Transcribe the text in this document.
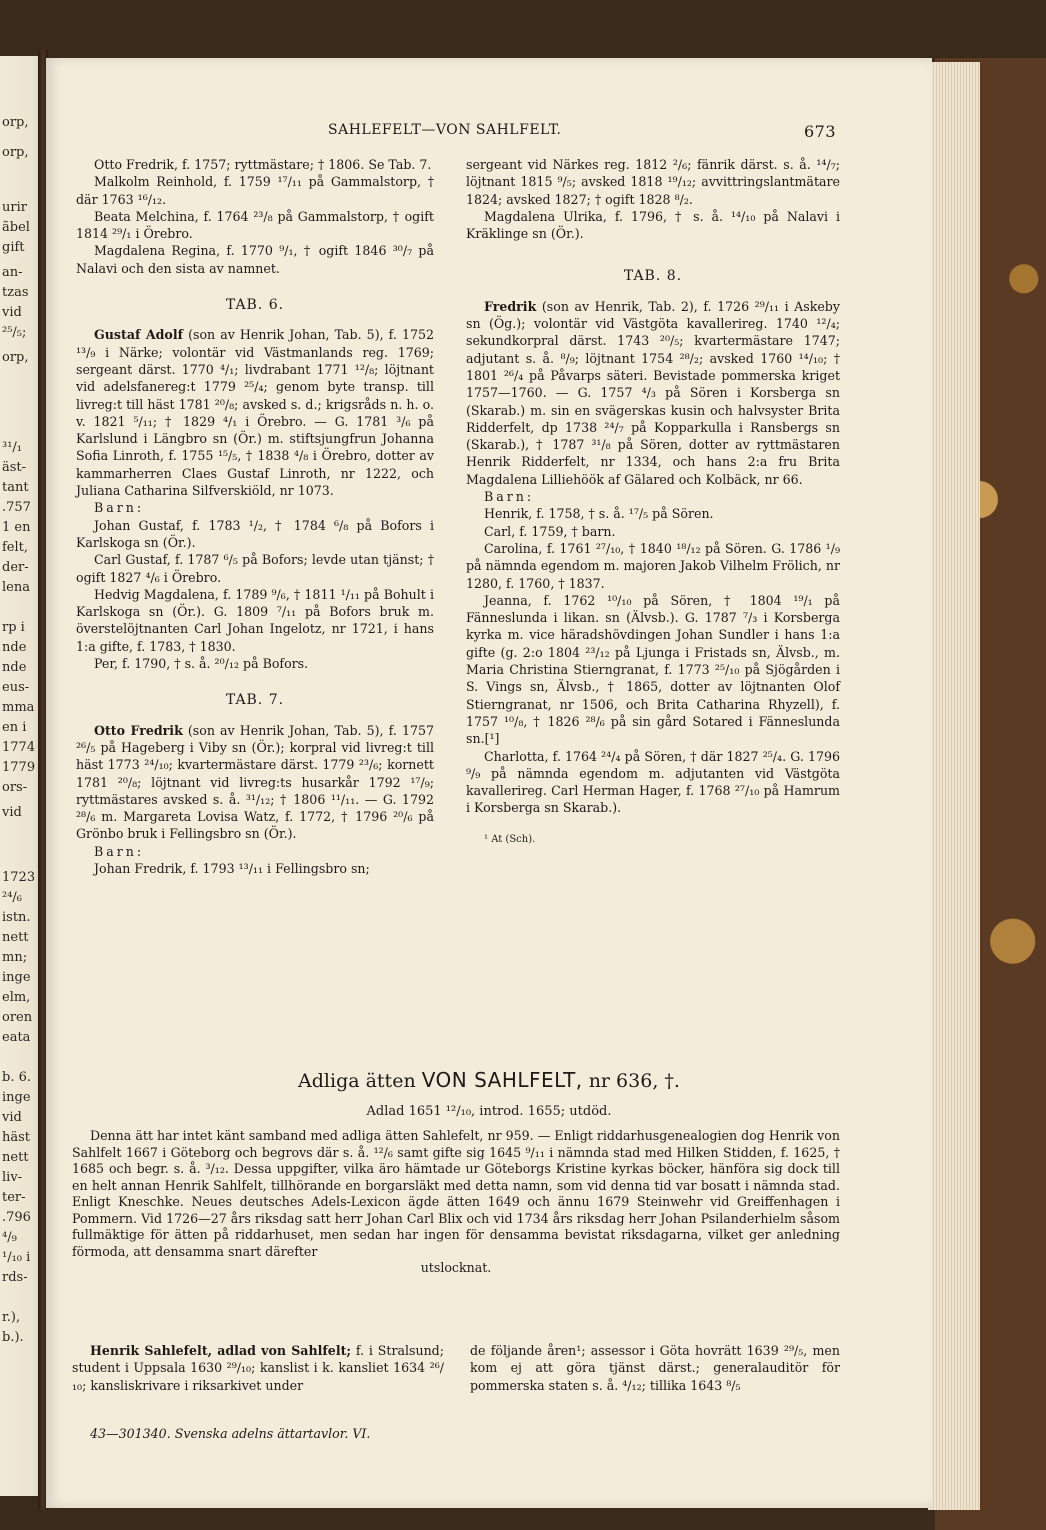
orp,
orp,
urir
ãbel
gift
an-
tzas
vid
²⁵/₅;
orp,
³¹/₁
äst-
tant
.757
1 en
felt,
der-
lena
rp i
nde
nde
eus-
mma
en i
1774
1779
ors-
vid
1723
²⁴/₆
istn.
nett
mn;
inge
elm,
oren
eata
b. 6.
inge
vid
häst
nett
liv-
ter-
.796
⁴/₉
¹/₁₀ i
rds-
r.),
b.).
SAHLEFELT—VON SAHLFELT.	673

Otto Fredrik, f. 1757; ryttmästare; † 1806. Se Tab. 7.

Malkolm Reinhold, f. 1759 ¹⁷/₁₁ på Gammalstorp, † där 1763 ¹⁶/₁₂.

Beata Melchina, f. 1764 ²³/₈ på Gammalstorp, † ogift 1814 ²⁹/₁ i Örebro.

Magdalena Regina, f. 1770 ⁹/₁, † ogift 1846 ³⁰/₇ på Nalavi och den sista av namnet.

TAB. 6.

Gustaf Adolf (son av Henrik Johan, Tab. 5), f. 1752 ¹³/₉ i Närke; volontär vid Västmanlands reg. 1769; sergeant därst. 1770 ⁴/₁; livdrabant 1771 ¹²/₈; löjtnant vid adelsfanereg:t 1779 ²⁵/₄; genom byte transp. till livreg:t till häst 1781 ²⁰/₈; avsked s. d.; krigsråds n. h. o. v. 1821 ⁵/₁₁; † 1829 ⁴/₁ i Örebro. — G. 1781 ³/₆ på Karlslund i Längbro sn (Ör.) m. stiftsjungfrun Johanna Sofia Linroth, f. 1755 ¹⁵/₅, † 1838 ⁴/₈ i Örebro, dotter av kammarherren Claes Gustaf Linroth, nr 1222, och Juliana Catharina Silfverskiöld, nr 1073.

Barn:

Johan Gustaf, f. 1783 ¹/₂, † 1784 ⁶/₈ på Bofors i Karlskoga sn (Ör.).

Carl Gustaf, f. 1787 ⁶/₅ på Bofors; levde utan tjänst; † ogift 1827 ⁴/₆ i Örebro.

Hedvig Magdalena, f. 1789 ⁹/₆, † 1811 ¹/₁₁ på Bohult i Karlskoga sn (Ör.). G. 1809 ⁷/₁₁ på Bofors bruk m. överstelöjtnanten Carl Johan Ingelotz, nr 1721, i hans 1:a gifte, f. 1783, † 1830.

Per, f. 1790, † s. å. ²⁰/₁₂ på Bofors.

TAB. 7.

Otto Fredrik (son av Henrik Johan, Tab. 5), f. 1757 ²⁶/₅ på Hageberg i Viby sn (Ör.); korpral vid livreg:t till häst 1773 ²⁴/₁₀; kvartermästare därst. 1779 ²³/₆; kornett 1781 ²⁰/₈; löjtnant vid livreg:ts husarkår 1792 ¹⁷/₉; ryttmästares avsked s. å. ³¹/₁₂; † 1806 ¹¹/₁₁. — G. 1792 ²⁸/₆ m. Margareta Lovisa Watz, f. 1772, † 1796 ²⁰/₆ på Grönbo bruk i Fellingsbro sn (Ör.).

Barn:

Johan Fredrik, f. 1793 ¹³/₁₁ i Fellingsbro sn;

sergeant vid Närkes reg. 1812 ²/₆; fänrik därst. s. å. ¹⁴/₇; löjtnant 1815 ⁹/₅; avsked 1818 ¹⁹/₁₂; avvittringslantmätare 1824; avsked 1827; † ogift 1828 ⁸/₂.

Magdalena Ulrika, f. 1796, † s. å. ¹⁴/₁₀ på Nalavi i Kräklinge sn (Ör.).

TAB. 8.

Fredrik (son av Henrik, Tab. 2), f. 1726 ²⁹/₁₁ i Askeby sn (Ög.); volontär vid Västgöta kavallerireg. 1740 ¹²/₄; sekundkorpral därst. 1743 ²⁰/₅; kvartermästare 1747; adjutant s. å. ⁸/₉; löjtnant 1754 ²⁸/₂; avsked 1760 ¹⁴/₁₀; † 1801 ²⁶/₄ på Påvarps säteri. Bevistade pommerska kriget 1757—1760. — G. 1757 ⁴/₃ på Sören i Korsberga sn (Skarab.) m. sin en svägerskas kusin och halvsyster Brita Ridderfelt, dp 1738 ²⁴/₇ på Kopparkulla i Ransbergs sn (Skarab.), † 1787 ³¹/₈ på Sören, dotter av ryttmästaren Henrik Ridderfelt, nr 1334, och hans 2:a fru Brita Magdalena Lilliehöök af Gälared och Kolbäck, nr 66.

Barn:

Henrik, f. 1758, † s. å. ¹⁷/₅ på Sören.

Carl, f. 1759, † barn.

Carolina, f. 1761 ²⁷/₁₀, † 1840 ¹⁸/₁₂ på Sören. G. 1786 ¹/₉ på nämnda egendom m. majoren Jakob Vilhelm Frölich, nr 1280, f. 1760, † 1837.

Jeanna, f. 1762 ¹⁰/₁₀ på Sören, † 1804 ¹⁹/₁ på Fänneslunda i likan. sn (Älvsb.). G. 1787 ⁷/₃ i Korsberga kyrka m. vice häradshövdingen Johan Sundler i hans 1:a gifte (g. 2:o 1804 ²³/₁₂ på Ljunga i Fristads sn, Älvsb., m. Maria Christina Stierngranat, f. 1773 ²⁵/₁₀ på Sjögården i S. Vings sn, Älvsb., † 1865, dotter av löjtnanten Olof Stierngranat, nr 1506, och Brita Catharina Rhyzell), f. 1757 ¹⁰/₈, † 1826 ²⁸/₆ på sin gård Sotared i Fänneslunda sn.[¹]

Charlotta, f. 1764 ²⁴/₄ på Sören, † där 1827 ²⁵/₄. G. 1796 ⁹/₉ på nämnda egendom m. adjutanten vid Västgöta kavallerireg. Carl Herman Hager, f. 1768 ²⁷/₁₀ på Hamrum i Korsberga sn Skarab.).

¹ At (Sch).

Adliga ätten VON SAHLFELT, nr 636, †.
Adlad 1651 ¹²/₁₀, introd. 1655; utdöd.
Denna ätt har intet känt samband med adliga ätten Sahlefelt, nr 959. — Enligt riddarhusgenealogien dog Henrik von Sahlfelt 1667 i Göteborg och begrovs där s. å. ¹²/₆ samt gifte sig 1645 ⁹/₁₁ i nämnda stad med Hilken Stidden, f. 1625, † 1685 och begr. s. å. ³/₁₂. Dessa uppgifter, vilka äro hämtade ur Göteborgs Kristine kyrkas böcker, hänföra sig dock till en helt annan Henrik Sahlfelt, tillhörande en borgarsläkt med detta namn, som vid denna tid var bosatt i nämnda stad. Enligt Kneschke. Neues deutsches Adels-Lexicon ägde ätten 1649 och ännu 1679 Steinwehr vid Greiffenhagen i Pommern. Vid 1726—27 års riksdag satt herr Johan Carl Blix och vid 1734 års riksdag herr Johan Psilanderhielm såsom fullmäktige för ätten på riddarhuset, men sedan har ingen för densamma bevistat riksdagarna, vilket ger anledning förmoda, att densamma snart därefter
utslocknat.

Henrik Sahlefelt, adlad von Sahlfelt; f. i Stralsund; student i Uppsala 1630 ²⁹/₁₀; kanslist i k. kansliet 1634 ²⁶/₁₀; kansliskrivare i riksarkivet under

de följande åren¹; assessor i Göta hovrätt 1639 ²⁹/₅, men kom ej att göra tjänst därst.; generalauditör för pommerska staten s. å. ⁴/₁₂; tillika 1643 ⁸/₅

43—301340. Svenska adelns ättartavlor. VI.
